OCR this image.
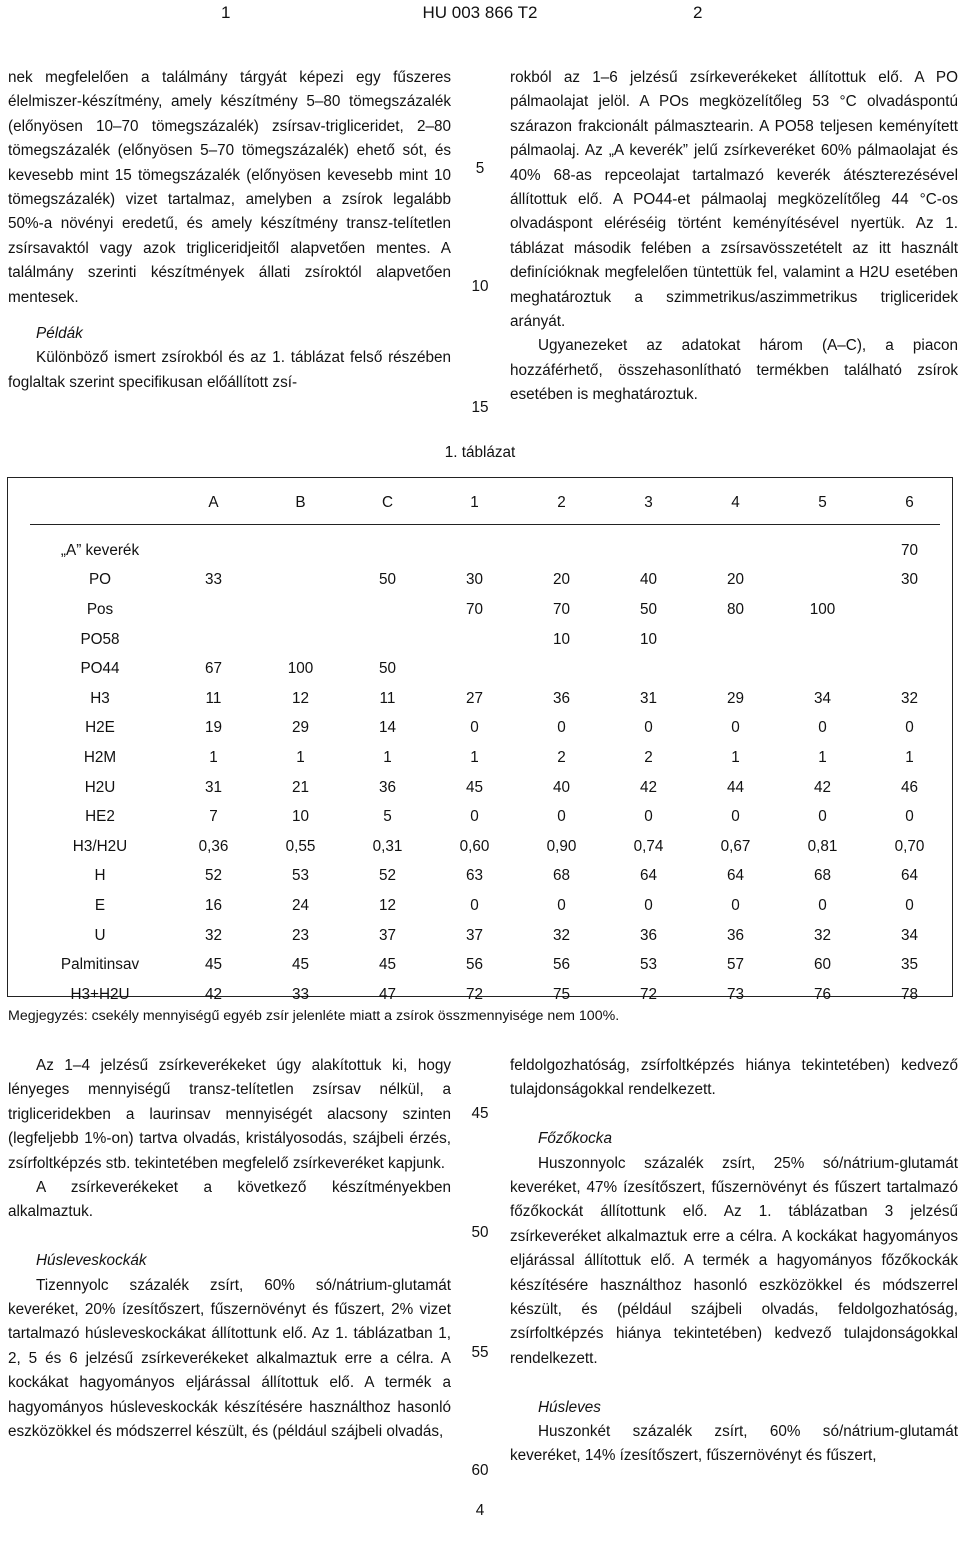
1	HU 003 866 T2	2

nek megfelelően a találmány tárgyát képezi egy fűszeres élelmiszer-készítmény, amely készítmény 5–80 tömegszázalék (előnyösen 10–70 tömegszázalék) zsírsav-trigliceridet, 2–80 tömegszázalék (előnyösen 5–70 tömegszázalék) ehető sót, és kevesebb mint 15 tömegszázalék (előnyösen kevesebb mint 10 tömegszázalék) vizet tartalmaz, amelyben a zsírok legalább 50%-a növényi eredetű, és amely készítmény transz-telítetlen zsírsavaktól vagy azok trigliceridjeitől alapvetően mentes. A találmány szerinti készítmények állati zsíroktól alapvetően mentesek.

Példák

Különböző ismert zsírokból és az 1. táblázat felső részében foglaltak szerint specifikusan előállított zsí-

rokból az 1–6 jelzésű zsírkeverékeket állítottuk elő. A PO pálmaolajat jelöl. A POs megközelítőleg 53 °C olvadáspontú szárazon frakcionált pálmasztearin. A PO58 teljesen keményített pálmaolaj. Az „A keverék” jelű zsírkeveréket 60% pálmaolajat és 40% 68-as repceolajat tartalmazó keverék átészterezésével állítottuk elő. A PO44-et pálmaolaj megközelítőleg 44 °C-os olvadáspont eléréséig történt keményítésével nyertük. Az 1. táblázat második felében a zsírsavösszetételt az itt használt definícióknak megfelelően tüntettük fel, valamint a H2U esetében meghatároztuk a szimmetrikus/aszimmetrikus trigliceridek arányát.

Ugyanezeket az adatokat három (A–C), a piacon hozzáférhető, összehasonlítható termékben található zsírok esetében is meghatároztuk.

5
10
15
1. táblázat
	A	B	C	1	2	3	4	5	6

„A” keverék									70
PO	33		50	30	20	40	20		30
Pos				70	70	50	80	100	
PO58					10	10			
PO44	67	100	50						
H3	11	12	11	27	36	31	29	34	32
H2E	19	29	14	0	0	0	0	0	0
H2M	1	1	1	1	2	2	1	1	1
H2U	31	21	36	45	40	42	44	42	46
HE2	7	10	5	0	0	0	0	0	0
H3/H2U	0,36	0,55	0,31	0,60	0,90	0,74	0,67	0,81	0,70
H	52	53	52	63	68	64	64	68	64
E	16	24	12	0	0	0	0	0	0
U	32	23	37	37	32	36	36	32	34
Palmitinsav	45	45	45	56	56	53	57	60	35
H3+H2U	42	33	47	72	75	72	73	76	78
Megjegyzés: csekély mennyiségű egyéb zsír jelenléte miatt a zsírok összmennyisége nem 100%.

Az 1–4 jelzésű zsírkeverékeket úgy alakítottuk ki, hogy lényeges mennyiségű transz-telítetlen zsírsav nélkül, a trigliceridekben a laurinsav mennyiségét alacsony szinten (legfeljebb 1%-on) tartva olvadás, kristályosodás, szájbeli érzés, zsírfoltképzés stb. tekintetében megfelelő zsírkeveréket kapjunk.

A zsírkeverékeket a következő készítményekben alkalmaztuk.

Húsleveskockák

Tizennyolc százalék zsírt, 60% só/nátrium-glutamát keveréket, 20% ízesítőszert, fűszernövényt és fűszert, 2% vizet tartalmazó húsleveskockákat állítottunk elő. Az 1. táblázatban 1, 2, 5 és 6 jelzésű zsírkeverékeket alkalmaztuk erre a célra. A kockákat hagyományos eljárással állítottuk elő. A termék a hagyományos húsleveskockák készítésére használthoz hasonló eszközökkel és módszerrel készült, és (például szájbeli olvadás,

feldolgozhatóság, zsírfoltképzés hiánya tekintetében) kedvező tulajdonságokkal rendelkezett.

Főzőkocka

Huszonnyolc százalék zsírt, 25% só/nátrium-glutamát keveréket, 47% ízesítőszert, fűszernövényt és fűszert tartalmazó főzőkockát állítottunk elő. Az 1. táblázatban 3 jelzésű zsírkeveréket alkalmaztuk erre a célra. A kockákat hagyományos eljárással állítottuk elő. A termék a hagyományos főzőkockák készítésére használthoz hasonló eszközökkel és módszerrel készült, és (például szájbeli olvadás, feldolgozhatóság, zsírfoltképzés hiánya tekintetében) kedvező tulajdonságokkal rendelkezett.

Húsleves

Huszonkét százalék zsírt, 60% só/nátrium-glutamát keveréket, 14% ízesítőszert, fűszernövényt és fűszert,

45
50
55
60
4
